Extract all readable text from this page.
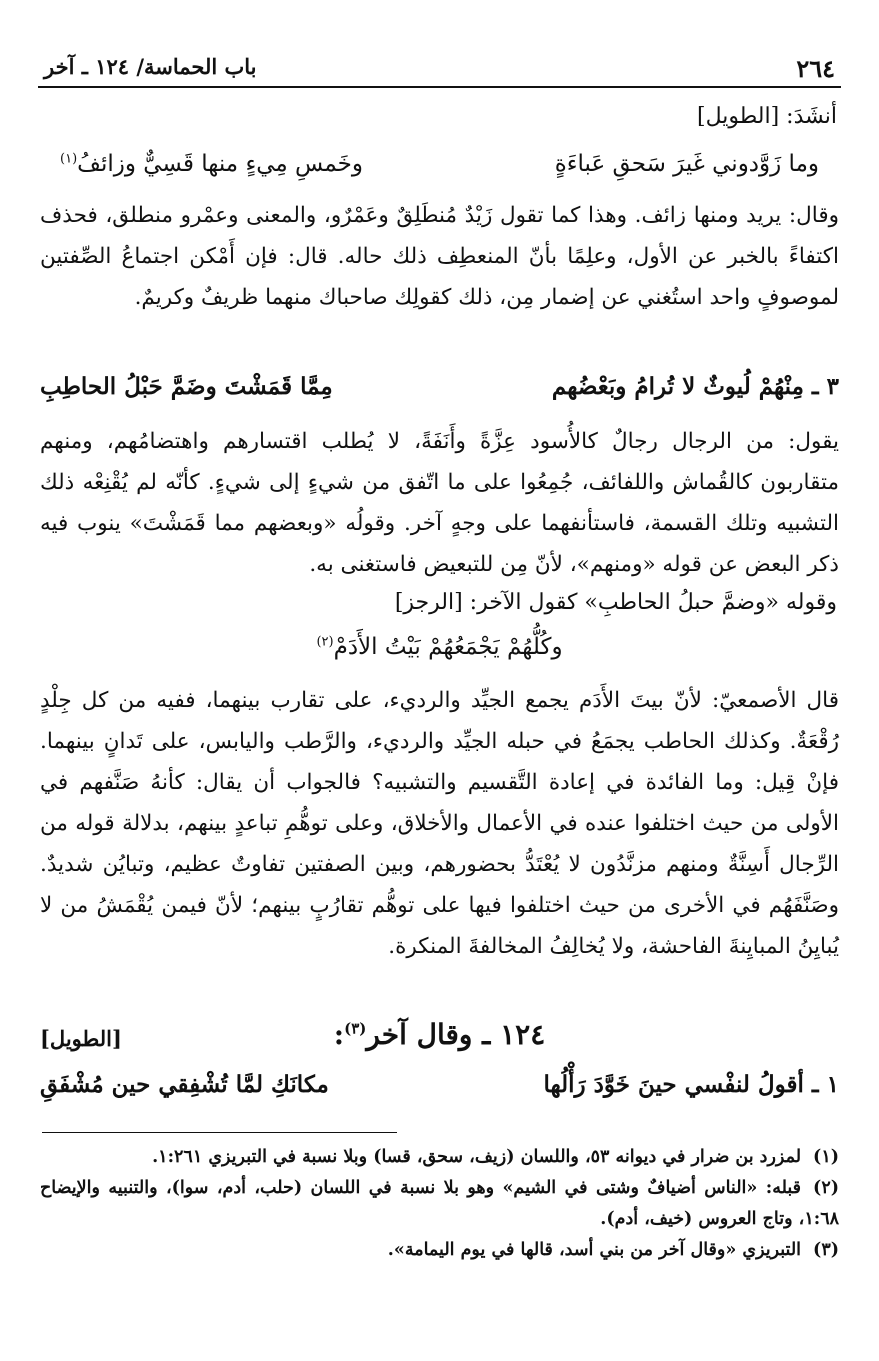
٢٦٤
باب الحماسة/ ١٢٤ ـ آخر
أنشَدَ: [الطويل]
وما زَوَّدوني غَيرَ سَحقِ عَباءَةٍ
وخَمسِ مِيءٍ منها قَسِيٌّ وزائفُ$^{(١)}$
وقال: يريد ومنها زائف. وهذا كما تقول زَيْدٌ مُنطَلِقٌ وعَمْرٌو، والمعنى وعمْرو منطلق، فحذف اكتفاءً بالخبر عن الأول، وعلِمًا بأنّ المنعطِف ذلك حاله. قال: فإن أَمْكن اجتماعُ الصِّفتين لموصوفٍ واحد استُغني عن إضمار مِن، ذلك كقولِك صاحباك منهما ظريفٌ وكريمٌ.
٣ ـ مِنْهُمْ لُيوثٌ لا تُرامُ وبَعْضُهم
مِمَّا قَمَشْتَ وضَمَّ حَبْلُ الحاطِبِ
يقول: من الرجال رجالٌ كالأُسود عِزَّةً وأَنَفَةً، لا يُطلب اقتسارهم واهتضامُهم، ومنهم متقاربون كالقُماش واللفائف، جُمِعُوا على ما اتّفق من شيءٍ إلى شيءٍ. كأنّه لم يُقْنِعْه ذلك التشبيه وتلك القسمة، فاستأنفهما على وجهٍ آخر. وقولُه «وبعضهم مما قَمَشْتَ» ينوب فيه ذكر البعض عن قوله «ومنهم»، لأنّ مِن للتبعيض فاستغنى به.
وقوله «وضمَّ حبلُ الحاطبِ» كقول الآخر: [الرجز]
وكُلُّهُمْ يَجْمَعُهُمْ بَيْتُ الأَدَمْ$^{(٢)}$
قال الأصمعيّ: لأنّ بيتَ الأَدَم يجمع الجيِّد والرديء، على تقارب بينهما، ففيه من كل جِلْدٍ رُقْعَةٌ. وكذلك الحاطب يجمَعُ في حبله الجيِّد والرديء، والرَّطب واليابس، على تَدانٍ بينهما. فإنْ قِيل: وما الفائدة في إعادة التَّقسيم والتشبيه؟ فالجواب أن يقال: كأنهُ صَنَّفهم في الأولى من حيث اختلفوا عنده في الأعمال والأخلاق، وعلى توهُّمِ تباعدٍ بينهم، بدلالة قوله من الرِّجال أَسِنَّةٌ ومنهم مزنَّدُون لا يُعْتَدُّ بحضورهم، وبين الصفتين تفاوتٌ عظيم، وتبايُن شديدٌ. وصَنَّفَهُم في الأخرى من حيث اختلفوا فيها على توهُّم تقارُبٍ بينهم؛ لأنّ فيمن يُقْمَشُ من لا يُبايِنُ المبايِنةَ الفاحشة، ولا يُخالِفُ المخالفةَ المنكرة.
١٢٤ ـ وقال آخر$^{(٣)}$:
[الطويل]
١ ـ أقولُ لنفْسي حينَ خَوَّدَ رَأْلُها
مكانَكِ لمَّا تُشْفِقي حين مُشْفَقِ
(١)لمزرد بن ضرار في ديوانه ٥٣، واللسان (زيف، سحق، قسا) وبلا نسبة في التبريزي ١:٢٦١.
(٢)قبله: «الناس أضيافٌ وشتى في الشيم» وهو بلا نسبة في اللسان (حلب، أدم، سوا)، والتنبيه والإيضاح ١:٦٨، وتاج العروس (خيف، أدم).
(٣)التبريزي «وقال آخر من بني أسد، قالها في يوم اليمامة».
